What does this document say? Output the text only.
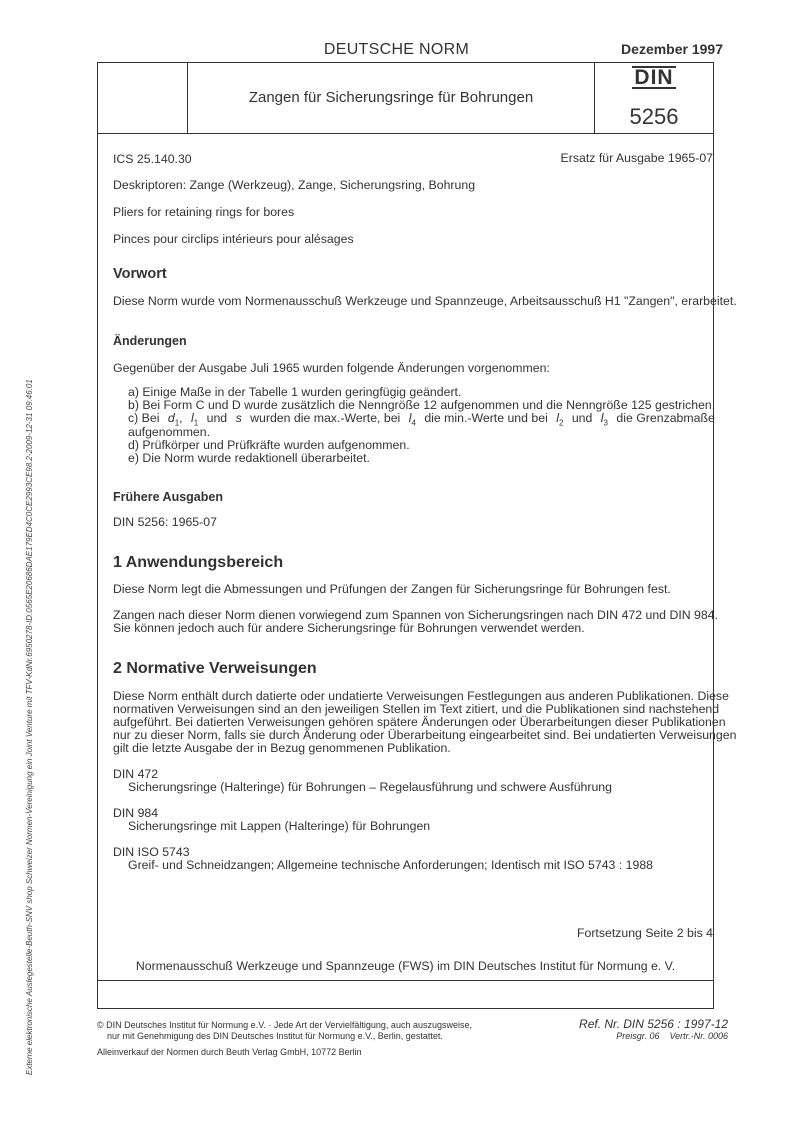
Externe elektronische Auslegestelle-Beuth-SNV shop Schweizer Normen-Vereinigung ein Joint Venture mit TFV-KdNr.6950278-ID.0565E20686DAE179ED4C0CE2993CE98.2-2009-12-31 09:46:01
DEUTSCHE NORM	Dezember 1997
Zangen für Sicherungsringe für Bohrungen
DIN
5256
ICS 25.140.30	Ersatz für Ausgabe 1965-07
Deskriptoren: Zange (Werkzeug), Zange, Sicherungsring, Bohrung
Pliers for retaining rings for bores
Pinces pour circlips intérieurs pour alésages
Vorwort
Diese Norm wurde vom Normenausschuß Werkzeuge und Spannzeuge, Arbeitsausschuß H1 "Zangen", erarbeitet.
Änderungen
Gegenüber der Ausgabe Juli 1965 wurden folgende Änderungen vorgenommen:
a) Einige Maße in der Tabelle 1 wurden geringfügig geändert.
b) Bei Form C und D wurde zusätzlich die Nenngröße 12 aufgenommen und die Nenngröße 125 gestrichen.
c) Bei $d_1$, $l_1$ und s wurden die max.-Werte, bei $l_4$ die min.-Werte und bei $l_2$ und $l_3$ die Grenzabmaße
aufgenommen.
d) Prüfkörper und Prüfkräfte wurden aufgenommen.
e) Die Norm wurde redaktionell überarbeitet.
Frühere Ausgaben
DIN 5256: 1965-07
1 Anwendungsbereich
Diese Norm legt die Abmessungen und Prüfungen der Zangen für Sicherungsringe für Bohrungen fest.
Zangen nach dieser Norm dienen vorwiegend zum Spannen von Sicherungsringen nach DIN 472 und DIN 984.
Sie können jedoch auch für andere Sicherungsringe für Bohrungen verwendet werden.
2 Normative Verweisungen
Diese Norm enthält durch datierte oder undatierte Verweisungen Festlegungen aus anderen Publikationen. Diese
normativen Verweisungen sind an den jeweiligen Stellen im Text zitiert, und die Publikationen sind nachstehend
aufgeführt. Bei datierten Verweisungen gehören spätere Änderungen oder Überarbeitungen dieser Publikationen
nur zu dieser Norm, falls sie durch Änderung oder Überarbeitung eingearbeitet sind. Bei undatierten Verweisungen
gilt die letzte Ausgabe der in Bezug genommenen Publikation.
DIN 472
Sicherungsringe (Halteringe) für Bohrungen – Regelausführung und schwere Ausführung
DIN 984
Sicherungsringe mit Lappen (Halteringe) für Bohrungen
DIN ISO 5743
Greif- und Schneidzangen; Allgemeine technische Anforderungen; Identisch mit ISO 5743 : 1988
Fortsetzung Seite 2 bis 4
Normenausschuß Werkzeuge und Spannzeuge (FWS) im DIN Deutsches Institut für Normung e. V.
© DIN Deutsches Institut für Normung e.V. · Jede Art der Vervielfältigung, auch auszugsweise,
nur mit Genehmigung des DIN Deutsches Institut für Normung e.V., Berlin, gestattet.
Alleinverkauf der Normen durch Beuth Verlag GmbH, 10772 Berlin
Ref. Nr. DIN 5256 : 1997-12
Preisgr. 06    Vertr.-Nr. 0006
